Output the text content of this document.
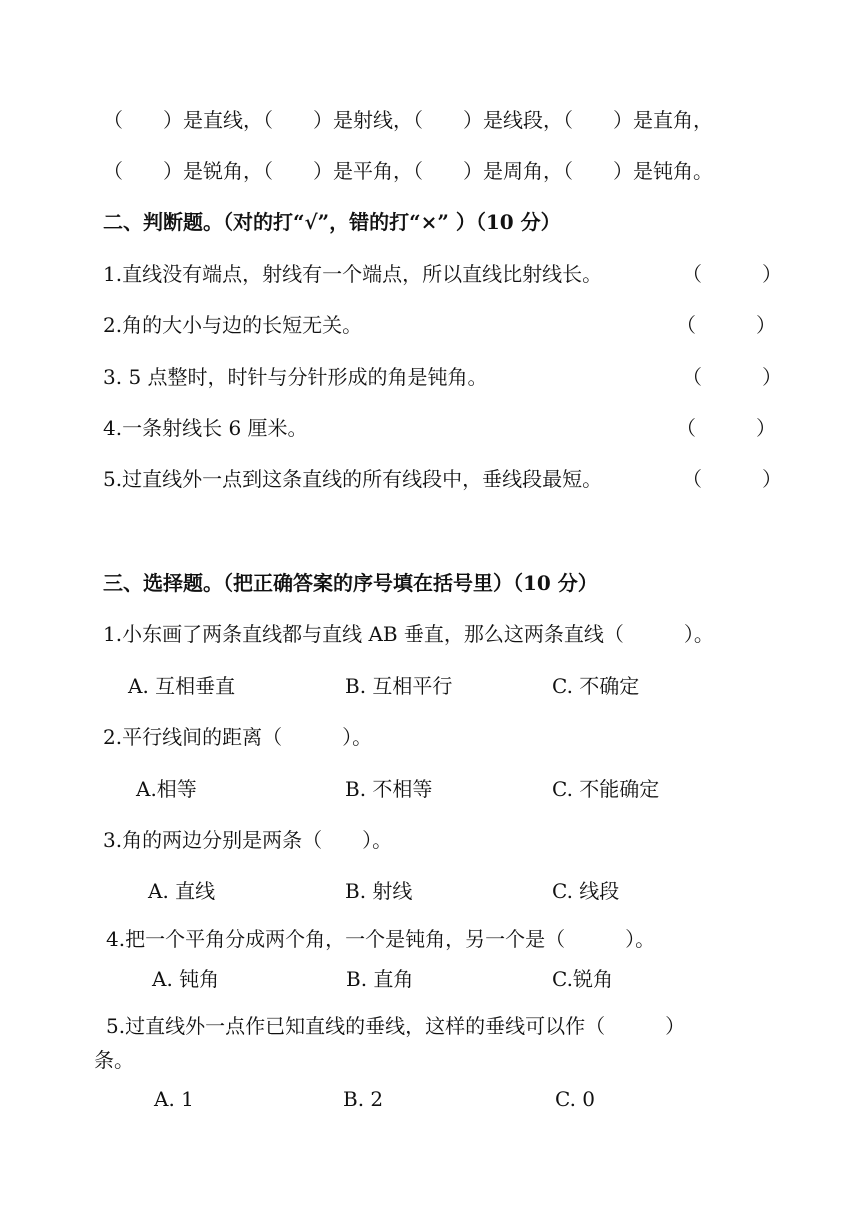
（　　）是直线，（　　）是射线，（　　）是线段，（　　）是直角，
（　　）是锐角，（　　）是平角，（　　）是周角，（　　）是钝角。
二、判断题。（对的打“√”，错的打“×” ）（10 分）
1.直线没有端点，射线有一个端点，所以直线比射线长。	（　　　）
2.角的大小与边的长短无关。	（　　　）
3. 5 点整时，时针与分针形成的角是钝角。	（　　　）
4.一条射线长 6 厘米。	（　　　）
5.过直线外一点到这条直线的所有线段中，垂线段最短。	（　　　）
三、选择题。（把正确答案的序号填在括号里）（10 分）
1.小东画了两条直线都与直线 AB 垂直，那么这两条直线（　　　）。
A. 互相垂直	B. 互相平行	C. 不确定
2.平行线间的距离（　　　）。
A.相等	B. 不相等	C. 不能确定
3.角的两边分别是两条（　　）。
A. 直线	B. 射线	C. 线段
4.把一个平角分成两个角，一个是钝角，另一个是（　　　）。
A. 钝角	B. 直角	C.锐角
5.过直线外一点作已知直线的垂线，这样的垂线可以作（　　　）
条。
A. 1	B. 2	C. 0
